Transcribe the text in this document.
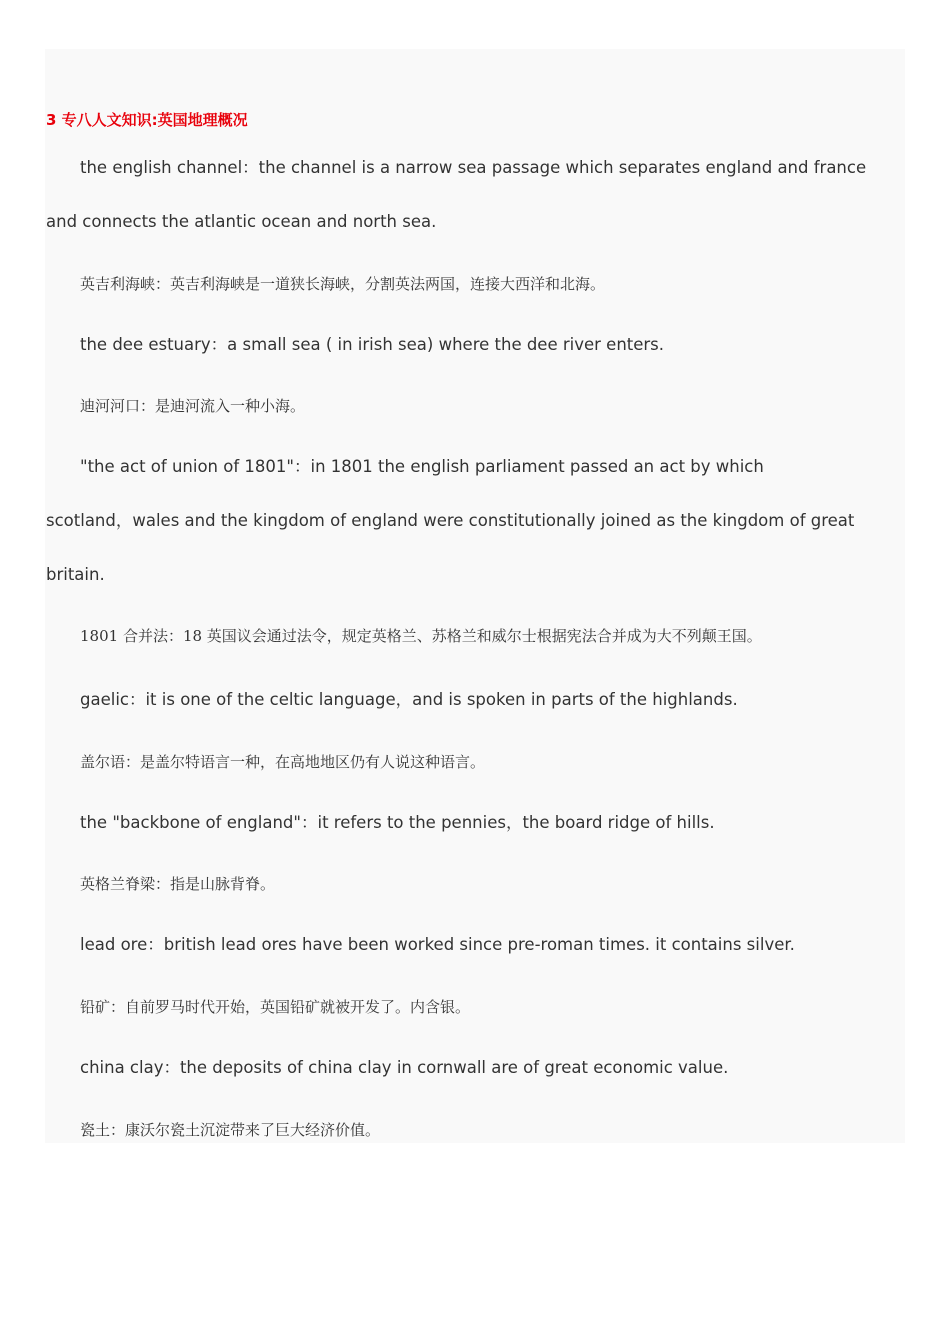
3 专八人文知识:英国地理概况
the english channel：the channel is a narrow sea passage which separates england and france
and connects the atlantic ocean and north sea.
英吉利海峡：英吉利海峡是一道狭长海峡，分割英法两国，连接大西洋和北海。
the dee estuary：a small sea ( in irish sea) where the dee river enters.
迪河河口：是迪河流入一种小海。
"the act of union of 1801"：in 1801 the english parliament passed an act by which
scotland，wales and the kingdom of england were constitutionally joined as the kingdom of great
britain.
1801 合并法：18 英国议会通过法令，规定英格兰、苏格兰和威尔士根据宪法合并成为大不列颠王国。
gaelic：it is one of the celtic language，and is spoken in parts of the highlands.
盖尔语：是盖尔特语言一种，在高地地区仍有人说这种语言。
the "backbone of england"：it refers to the pennies，the board ridge of hills.
英格兰脊梁：指是山脉背脊。
lead ore：british lead ores have been worked since pre-roman times. it contains silver.
铅矿：自前罗马时代开始，英国铅矿就被开发了。内含银。
china clay：the deposits of china clay in cornwall are of great economic value.
瓷土：康沃尔瓷土沉淀带来了巨大经济价值。
